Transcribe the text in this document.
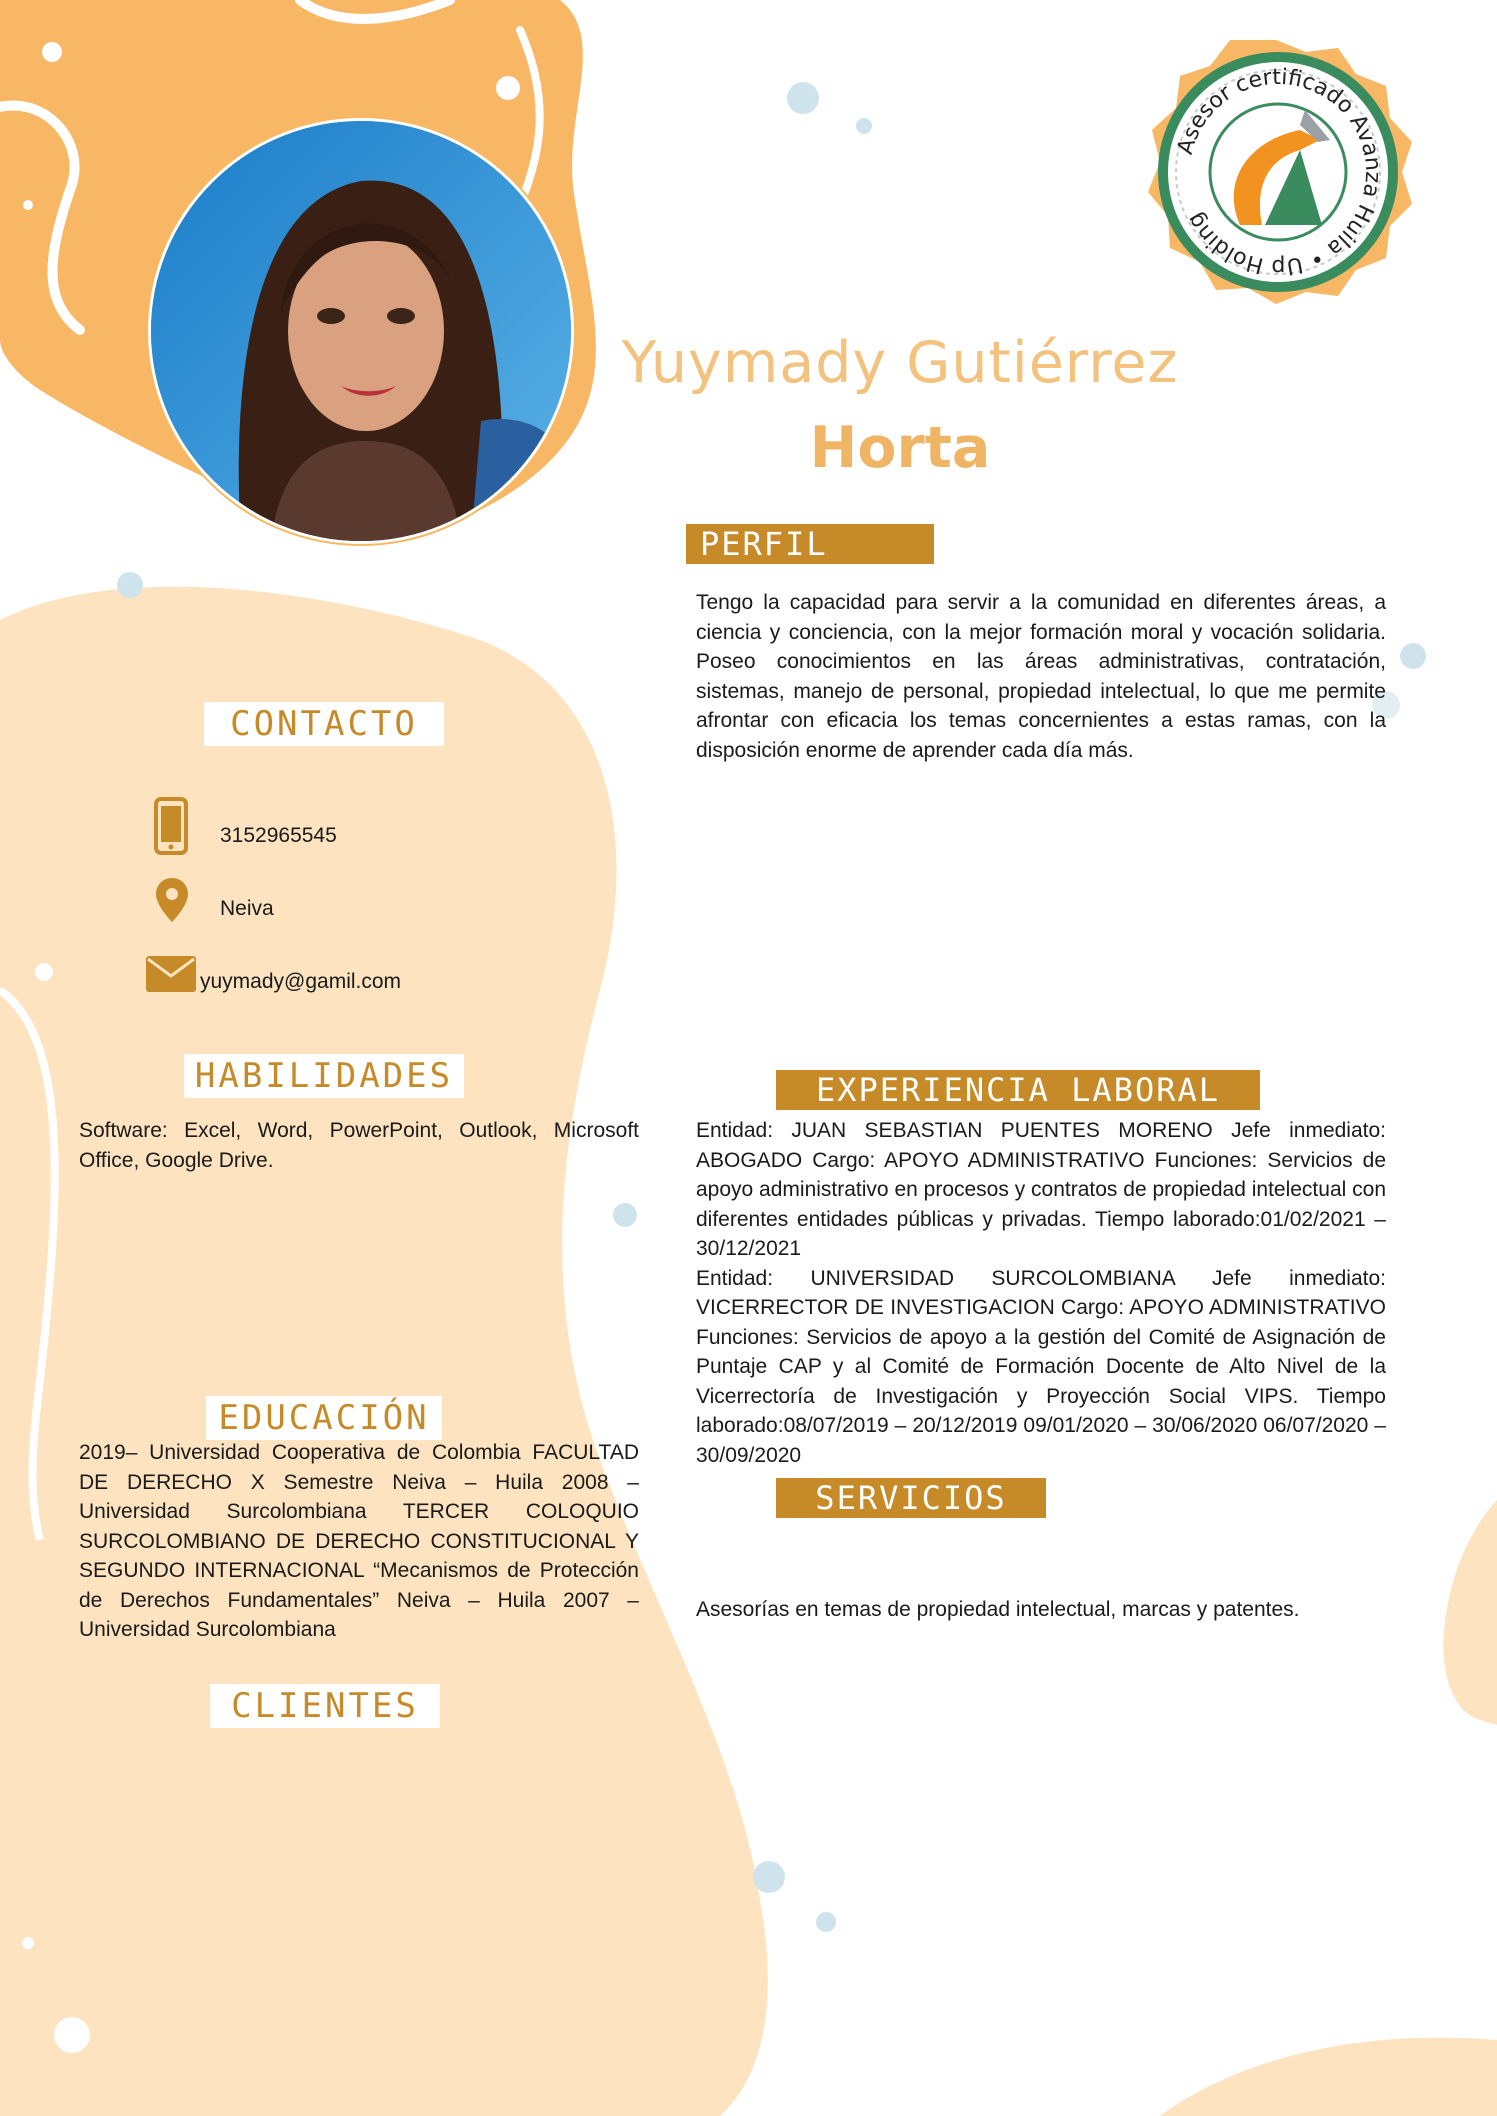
Asesor certificado Avanza Huila • Up Holding
Yuymady Gutiérrez
Horta
PERFIL
Tengo la capacidad para servir a la comunidad en diferentes áreas, a ciencia y conciencia, con la mejor formación moral y vocación solidaria. Poseo conocimientos en las áreas administrativas, contratación, sistemas, manejo de personal, propiedad intelectual, lo que me permite afrontar con eficacia los temas concernientes a estas ramas, con la disposición enorme de aprender cada día más.
CONTACTO
3152965545
Neiva
yuymady@gamil.com
HABILIDADES
Software: Excel, Word, PowerPoint, Outlook, Microsoft Office, Google Drive.
EDUCACIÓN
2019– Universidad Cooperativa de Colombia FACULTAD DE DERECHO X Semestre Neiva – Huila 2008 – Universidad Surcolombiana TERCER COLOQUIO SURCOLOMBIANO DE DERECHO CONSTITUCIONAL Y SEGUNDO INTERNACIONAL “Mecanismos de Protección de Derechos Fundamentales” Neiva – Huila 2007 – Universidad Surcolombiana
CLIENTES
EXPERIENCIA LABORAL
Entidad: JUAN SEBASTIAN PUENTES MORENO Jefe inmediato: ABOGADO Cargo: APOYO ADMINISTRATIVO Funciones: Servicios de apoyo administrativo en procesos y contratos de propiedad intelectual con diferentes entidades públicas y privadas. Tiempo laborado:01/02/2021 – 30/12/2021
Entidad: UNIVERSIDAD SURCOLOMBIANA Jefe inmediato: VICERRECTOR DE INVESTIGACION Cargo: APOYO ADMINISTRATIVO Funciones: Servicios de apoyo a la gestión del Comité de Asignación de Puntaje CAP y al Comité de Formación Docente de Alto Nivel de la Vicerrectoría de Investigación y Proyección Social VIPS. Tiempo laborado:08/07/2019 – 20/12/2019 09/01/2020 – 30/06/2020 06/07/2020 – 30/09/2020
SERVICIOS
Asesorías en temas de propiedad intelectual, marcas y patentes.
